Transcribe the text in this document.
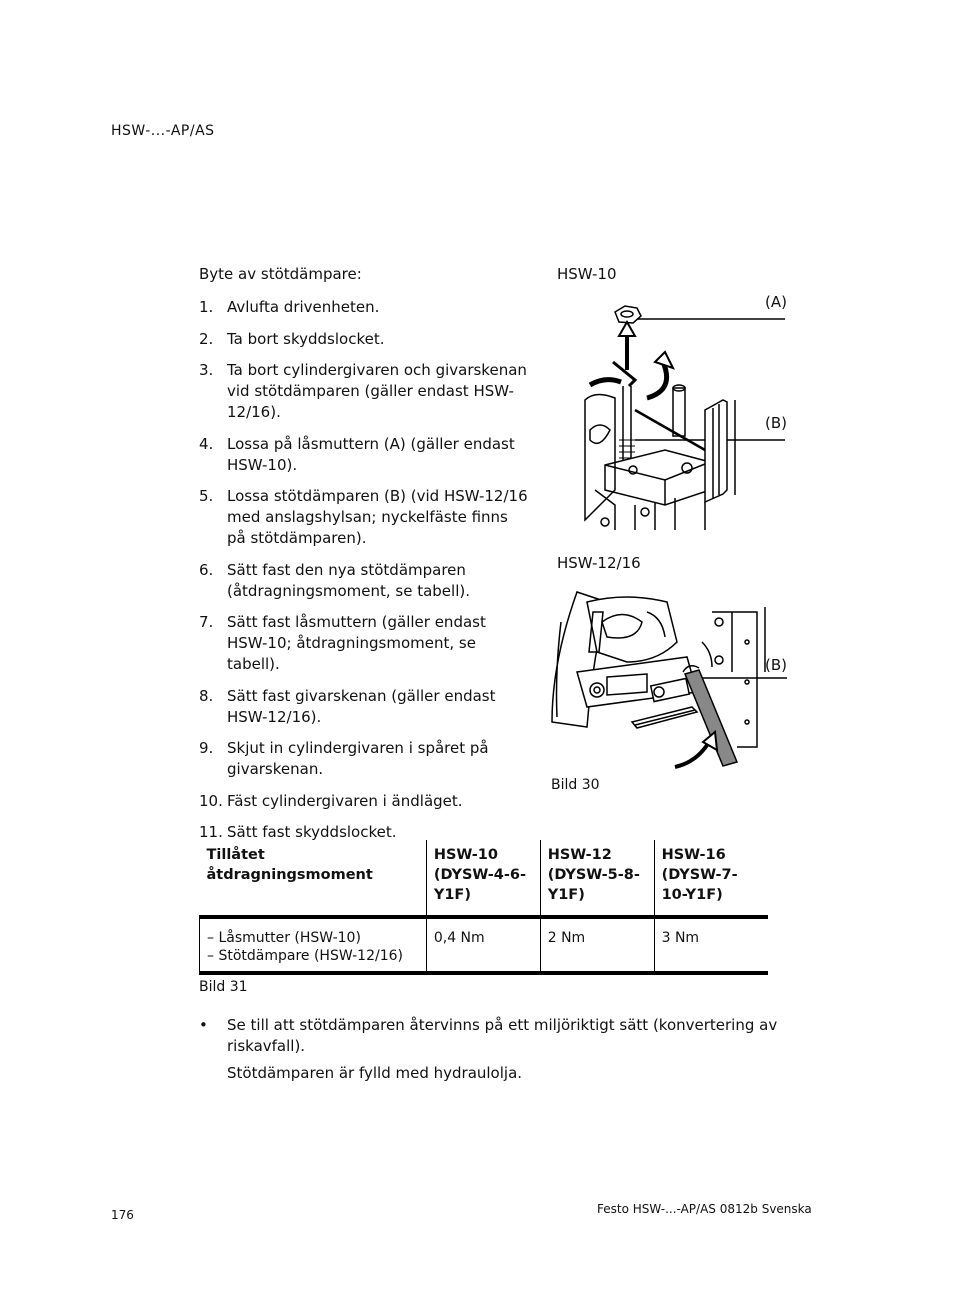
HSW-...-AP/AS
Byte av stötdämpare:
1. Avlufta drivenheten.
2. Ta bort skyddslocket.
3. Ta bort cylindergivaren och givarskenan vid stötdämparen (gäller endast HSW-12/16).
4. Lossa på låsmuttern (A) (gäller endast HSW-10).
5. Lossa stötdämparen (B) (vid HSW-12/16 med anslagshylsan; nyckelfäste finns på stötdämparen).
6. Sätt fast den nya stötdämparen (åtdragningsmoment, se tabell).
7. Sätt fast låsmuttern (gäller endast HSW-10; åtdragningsmoment, se tabell).
8. Sätt fast givarskenan (gäller endast HSW-12/16).
9. Skjut in cylindergivaren i spåret på givarskenan.
10. Fäst cylindergivaren i ändläget.
11. Sätt fast skyddslocket.
HSW-10
(A)
(B)
HSW-12/16
(B)
Bild 30
Tillåtet åtdragningsmoment	HSW-10 (DYSW-4-6-Y1F)	HSW-12 (DYSW-5-8-Y1F)	HSW-16 (DYSW-7-10-Y1F)

– Låsmutter (HSW-10)
– Stötdämpare (HSW-12/16)	0,4 Nm	2 Nm	3 Nm
Bild 31
• Se till att stötdämparen återvinns på ett miljöriktigt sätt (konvertering av riskavfall).
Stötdämparen är fylld med hydraulolja.
176	Festo HSW-...-AP/AS 0812b Svenska
